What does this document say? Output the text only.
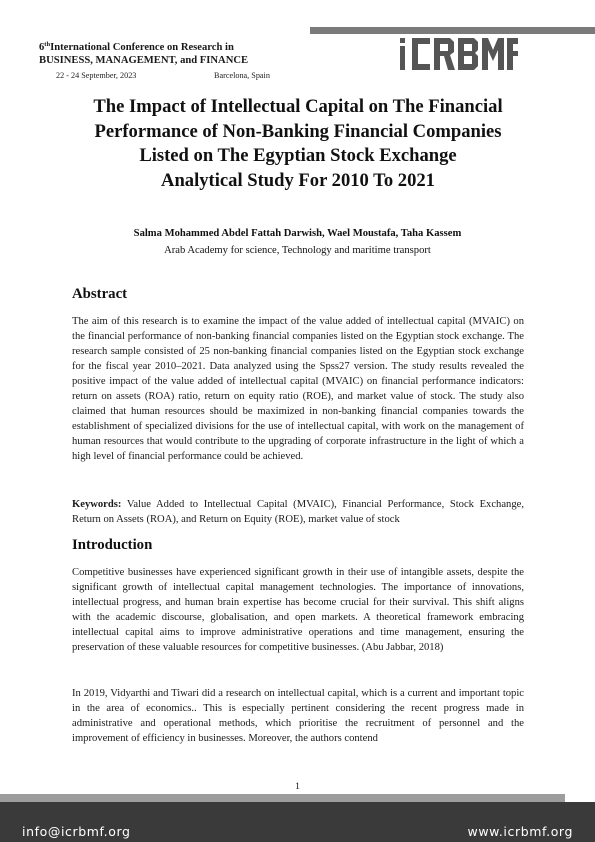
6thInternational Conference on Research in
BUSINESS, MANAGEMENT, and FINANCE
22 - 24 September, 2023	Barcelona, Spain
The Impact of Intellectual Capital on The Financial
Performance of Non-Banking Financial Companies
Listed on The Egyptian Stock Exchange
Analytical Study For 2010 To 2021
Salma Mohammed Abdel Fattah Darwish, Wael Moustafa, Taha Kassem
Arab Academy for science, Technology and maritime transport
Abstract

The aim of this research is to examine the impact of the value added of intellectual capital (MVAIC) on the financial performance of non-banking financial companies listed on the Egyptian stock exchange. The research sample consisted of 25 non-banking financial companies listed on the Egyptian stock exchange for the fiscal year 2010–2021. Data analyzed using the Spss27 version. The study results revealed the positive impact of the value added of intellectual capital (MVAIC) on financial performance indicators: return on assets (ROA) ratio, return on equity ratio (ROE), and market value of stock. The study also claimed that human resources should be maximized in non-banking financial companies towards the establishment of specialized divisions for the use of intellectual capital, with work on the management of human resources that would contribute to the upgrading of corporate infrastructure in the light of which a high level of financial performance could be achieved.

Keywords: Value Added to Intellectual Capital (MVAIC), Financial Performance, Stock Exchange, Return on Assets (ROA), and Return on Equity (ROE), market value of stock

Introduction

Competitive businesses have experienced significant growth in their use of intangible assets, despite the significant growth of intellectual capital management technologies. The importance of innovations, intellectual progress, and human brain expertise has become crucial for their survival. This shift aligns with the academic discourse, globalisation, and open markets. A theoretical framework embracing intellectual capital aims to improve administrative operations and time management, ensuring the preservation of these valuable resources for competitive businesses. (Abu Jabbar, 2018)

In 2019, Vidyarthi and Tiwari did a research on intellectual capital, which is a current and important topic in the area of economics.. This is especially pertinent considering the recent progress made in administrative and operational methods, which prioritise the recruitment of personnel and the improvement of efficiency in businesses. Moreover, the authors contend

1
info@icrbmf.org	www.icrbmf.org
